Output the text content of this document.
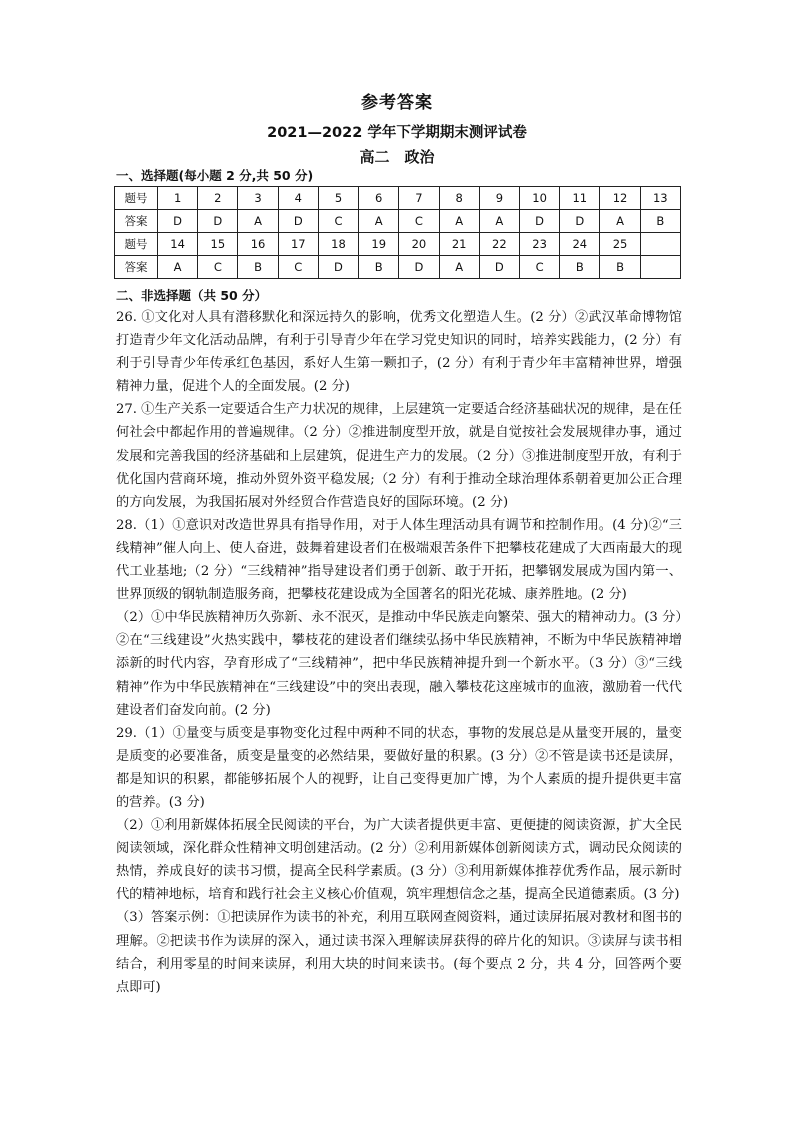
参考答案
2021—2022 学年下学期期末测评试卷
高二　政治
一、选择题(每小题 2 分,共 50 分)
题号	1	2	3	4	5	6	7	8	9	10	11	12	13
答案	D	D	A	D	C	A	C	A	A	D	D	A	B
题号	14	15	16	17	18	19	20	21	22	23	24	25	
答案	A	C	B	C	D	B	D	A	D	C	B	B	
二、非选择题（共 50 分）

26. ①文化对人具有潜移默化和深远持久的影响，优秀文化塑造人生。(2 分）②武汉革命博物馆打造青少年文化活动品牌，有利于引导青少年在学习党史知识的同时，培养实践能力，(2 分）有利于引导青少年传承红色基因，系好人生第一颗扣子，(2 分）有利于青少年丰富精神世界，增强精神力量，促进个人的全面发展。(2 分)

27. ①生产关系一定要适合生产力状况的规律，上层建筑一定要适合经济基础状况的规律，是在任何社会中都起作用的普遍规律。（2 分）②推进制度型开放，就是自觉按社会发展规律办事，通过发展和完善我国的经济基础和上层建筑，促进生产力的发展。（2 分）③推进制度型开放，有利于优化国内营商环境，推动外贸外资平稳发展;（2 分）有利于推动全球治理体系朝着更加公正合理的方向发展，为我国拓展对外经贸合作营造良好的国际环境。(2 分)

28.（1）①意识对改造世界具有指导作用，对于人体生理活动具有调节和控制作用。(4 分)②“三线精神”催人向上、使人奋进，鼓舞着建设者们在极端艰苦条件下把攀枝花建成了大西南最大的现代工业基地;（2 分）“三线精神”指导建设者们勇于创新、敢于开拓，把攀钢发展成为国内第一、世界顶级的钢轨制造服务商，把攀枝花建设成为全国著名的阳光花城、康养胜地。(2 分)

（2）①中华民族精神历久弥新、永不泯灭，是推动中华民族走向繁荣、强大的精神动力。(3 分）②在“三线建设”火热实践中，攀枝花的建设者们继续弘扬中华民族精神，不断为中华民族精神增添新的时代内容，孕育形成了“三线精神”，把中华民族精神提升到一个新水平。（3 分）③“三线精神”作为中华民族精神在“三线建设”中的突出表现，融入攀枝花这座城市的血液，激励着一代代建设者们奋发向前。(2 分)

29.（1）①量变与质变是事物变化过程中两种不同的状态，事物的发展总是从量变开展的，量变是质变的必要准备，质变是量变的必然结果，要做好量的积累。(3 分）②不管是读书还是读屏，都是知识的积累，都能够拓展个人的视野，让自己变得更加广博，为个人素质的提升提供更丰富的营养。(3 分)

（2）①利用新媒体拓展全民阅读的平台，为广大读者提供更丰富、更便捷的阅读资源，扩大全民阅读领域，深化群众性精神文明创建活动。(2 分）②利用新媒体创新阅读方式，调动民众阅读的热情，养成良好的读书习惯，提高全民科学素质。(3 分）③利用新媒体推荐优秀作品，展示新时代的精神地标，培育和践行社会主义核心价值观，筑牢理想信念之基，提高全民道德素质。(3 分)

（3）答案示例：①把读屏作为读书的补充，利用互联网查阅资料，通过读屏拓展对教材和图书的理解。②把读书作为读屏的深入，通过读书深入理解读屏获得的碎片化的知识。③读屏与读书相结合，利用零星的时间来读屏，利用大块的时间来读书。(每个要点 2 分，共 4 分，回答两个要点即可)
